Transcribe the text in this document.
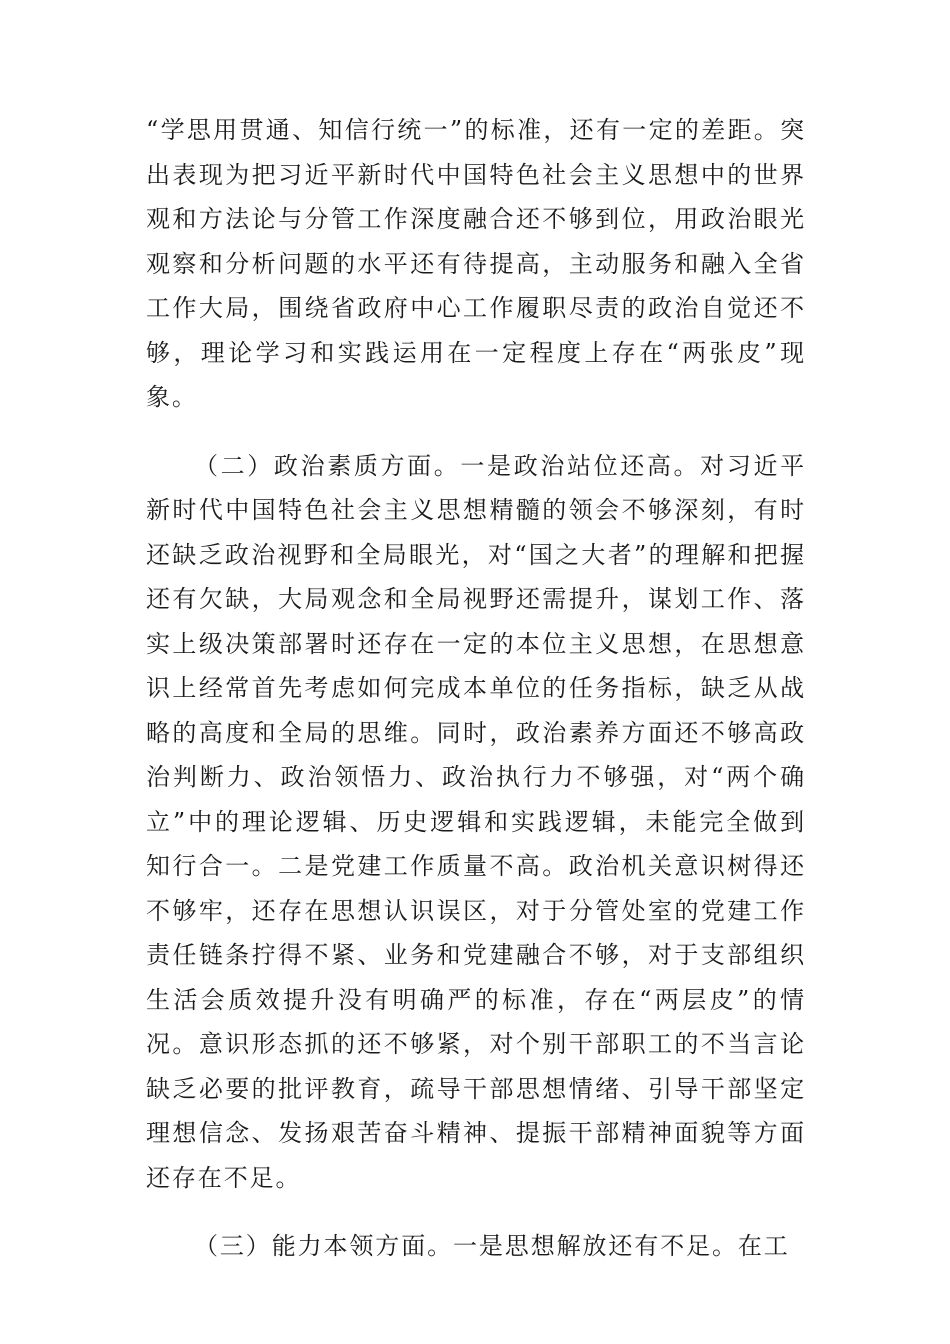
“学思用贯通、知信行统一”的标准，还有一定的差距。突出表现为把习近平新时代中国特色社会主义思想中的世界观和方法论与分管工作深度融合还不够到位，用政治眼光观察和分析问题的水平还有待提高，主动服务和融入全省工作大局，围绕省政府中心工作履职尽责的政治自觉还不够，理论学习和实践运用在一定程度上存在“两张皮”现象。

（二）政治素质方面。一是政治站位还高。对习近平新时代中国特色社会主义思想精髓的领会不够深刻，有时还缺乏政治视野和全局眼光，对“国之大者”的理解和把握还有欠缺，大局观念和全局视野还需提升，谋划工作、落实上级决策部署时还存在一定的本位主义思想，在思想意识上经常首先考虑如何完成本单位的任务指标，缺乏从战略的高度和全局的思维。同时，政治素养方面还不够高政治判断力、政治领悟力、政治执行力不够强，对“两个确立”中的理论逻辑、历史逻辑和实践逻辑，未能完全做到知行合一。二是党建工作质量不高。政治机关意识树得还不够牢，还存在思想认识误区，对于分管处室的党建工作责任链条拧得不紧、业务和党建融合不够，对于支部组织生活会质效提升没有明确严的标准，存在“两层皮”的情况。意识形态抓的还不够紧，对个别干部职工的不当言论缺乏必要的批评教育，疏导干部思想情绪、引导干部坚定理想信念、发扬艰苦奋斗精神、提振干部精神面貌等方面还存在不足。

（三）能力本领方面。一是思想解放还有不足。在工
